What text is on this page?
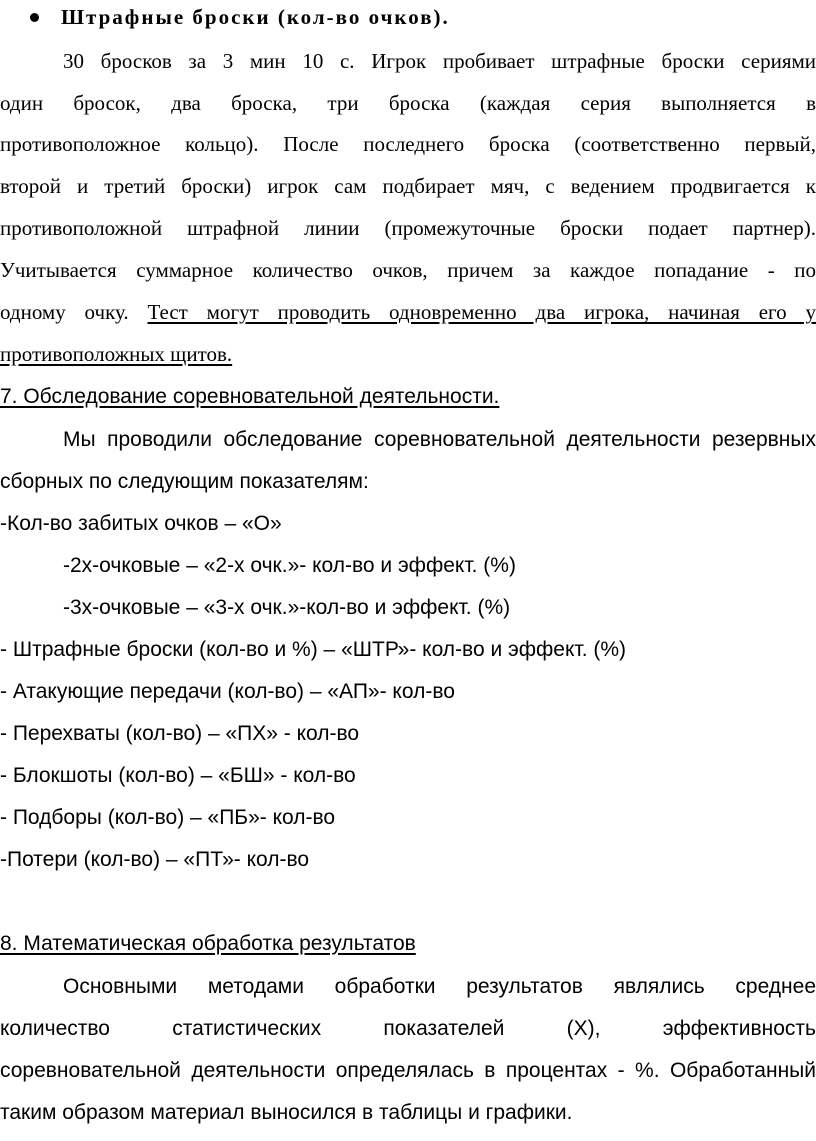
Штрафные броски (кол-во очков).
30 бросков за 3 мин 10 с. Игрок пробивает штрафные броски сериями
один бросок, два броска, три броска (каждая серия выполняется в
противоположное кольцо). После последнего броска (соответственно первый,
второй и третий броски) игрок сам подбирает мяч, с ведением продвигается к
противоположной штрафной линии (промежуточные броски подает партнер).
Учитывается суммарное количество очков, причем за каждое попадание - по
одному очку. Тест могут проводить одновременно два игрока, начиная его у
противоположных щитов.
7. Обследование соревновательной деятельности.
Мы проводили обследование соревновательной деятельности резервных
сборных по следующим показателям:
-Кол-во забитых очков – «О»
-2х-очковые – «2-х очк.»- кол-во и эффект. (%)
-3х-очковые – «3-х очк.»-кол-во и эффект. (%)
- Штрафные броски (кол-во и %) – «ШТР»- кол-во и эффект. (%)
- Атакующие передачи (кол-во) – «АП»- кол-во
- Перехваты (кол-во) – «ПХ» - кол-во
- Блокшоты (кол-во) – «БШ» - кол-во
- Подборы (кол-во) – «ПБ»- кол-во
-Потери (кол-во) – «ПТ»- кол-во
8. Математическая обработка результатов
Основными методами обработки результатов являлись среднее
количество статистических показателей (X), эффективность
соревновательной деятельности определялась в процентах - %. Обработанный
таким образом материал выносился в таблицы и графики.
